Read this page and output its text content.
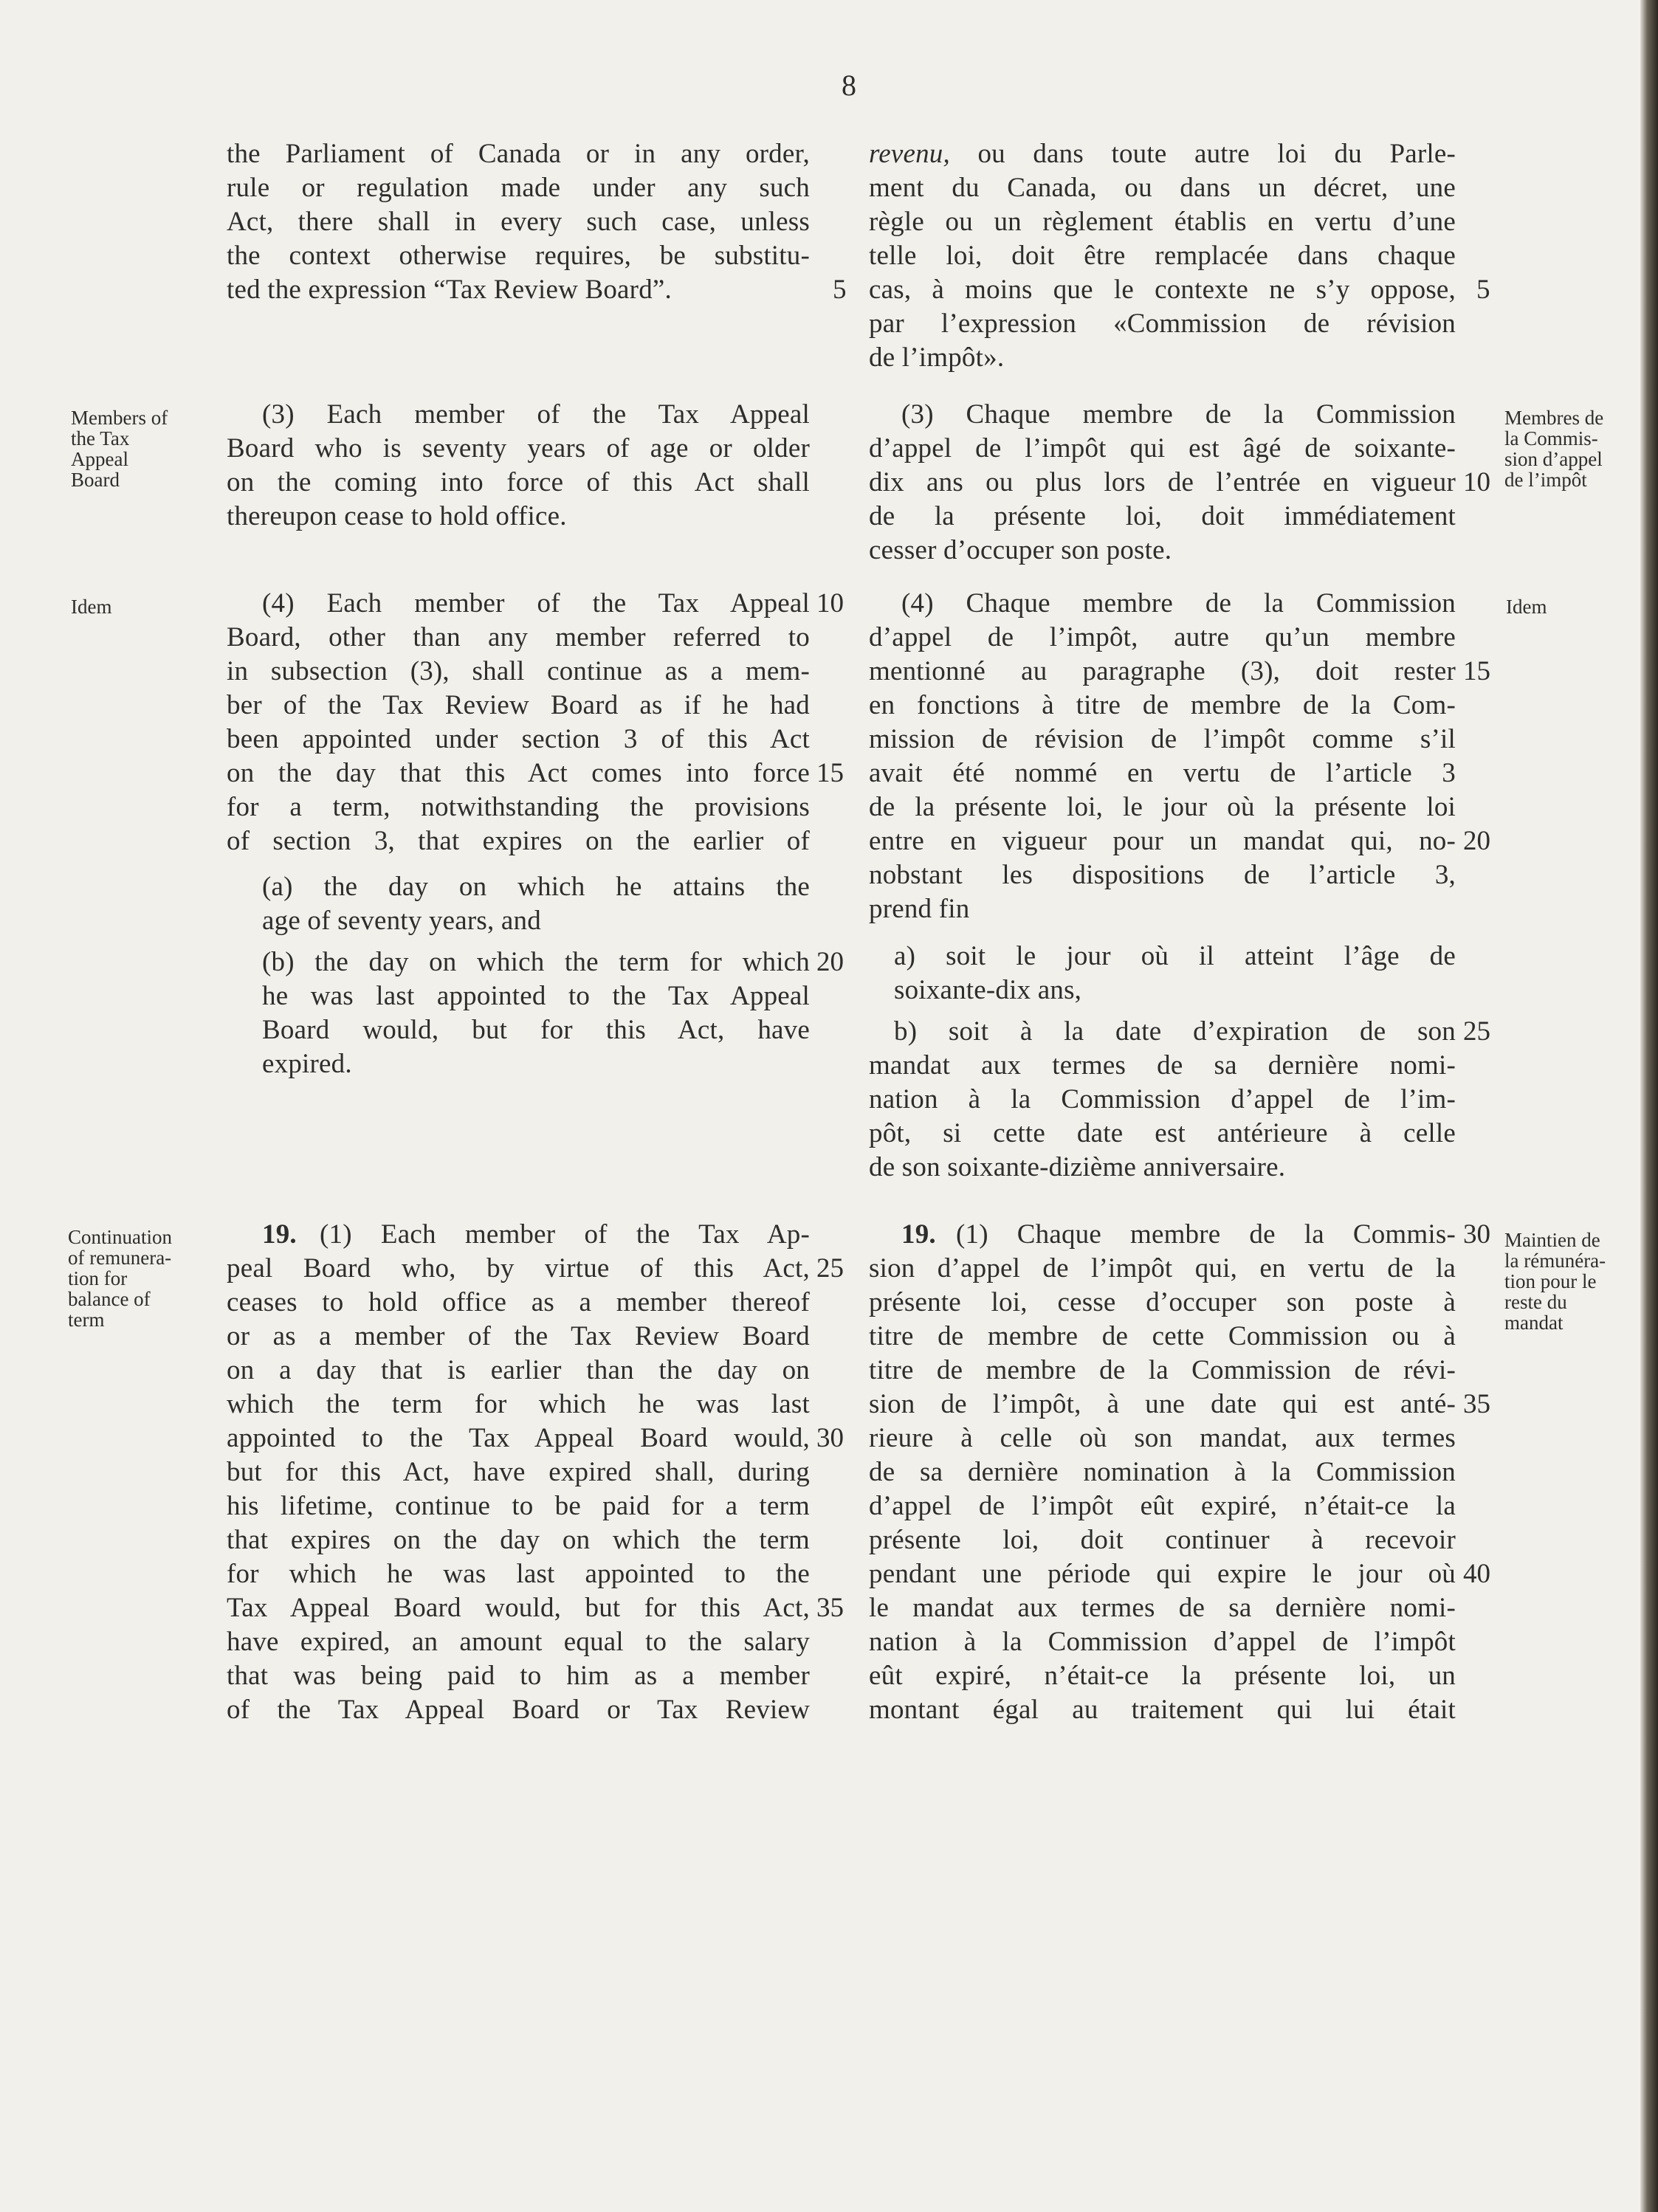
8
the Parliament of Canada or in any order,
rule or regulation made under any such
Act, there shall in every such case, unless
the context otherwise requires, be substitu-
ted the expression “Tax Review Board”.
(3) Each member of the Tax Appeal
Board who is seventy years of age or older
on the coming into force of this Act shall
thereupon cease to hold office.
(4) Each member of the Tax Appeal
Board, other than any member referred to
in subsection (3), shall continue as a mem-
ber of the Tax Review Board as if he had
been appointed under section 3 of this Act
on the day that this Act comes into force
for a term, notwithstanding the provisions
of section 3, that expires on the earlier of
(a) the day on which he attains the
age of seventy years, and
(b) the day on which the term for which
he was last appointed to the Tax Appeal
Board would, but for this Act, have
expired.
19. (1) Each member of the Tax Ap-
peal Board who, by virtue of this Act,
ceases to hold office as a member thereof
or as a member of the Tax Review Board
on a day that is earlier than the day on
which the term for which he was last
appointed to the Tax Appeal Board would,
but for this Act, have expired shall, during
his lifetime, continue to be paid for a term
that expires on the day on which the term
for which he was last appointed to the
Tax Appeal Board would, but for this Act,
have expired, an amount equal to the salary
that was being paid to him as a member
of the Tax Appeal Board or Tax Review
5
10
15
20
25
30
35
revenu, ou dans toute autre loi du Parle-
ment du Canada, ou dans un décret, une
règle ou un règlement établis en vertu d’une
telle loi, doit être remplacée dans chaque
cas, à moins que le contexte ne s’y oppose,
par l’expression «Commission de révision
de l’impôt».
(3) Chaque membre de la Commission
d’appel de l’impôt qui est âgé de soixante-
dix ans ou plus lors de l’entrée en vigueur
de la présente loi, doit immédiatement
cesser d’occuper son poste.
(4) Chaque membre de la Commission
d’appel de l’impôt, autre qu’un membre
mentionné au paragraphe (3), doit rester
en fonctions à titre de membre de la Com-
mission de révision de l’impôt comme s’il
avait été nommé en vertu de l’article 3
de la présente loi, le jour où la présente loi
entre en vigueur pour un mandat qui, no-
nobstant les dispositions de l’article 3,
prend fin
a) soit le jour où il atteint l’âge de
soixante-dix ans,
b) soit à la date d’expiration de son
mandat aux termes de sa dernière nomi-
nation à la Commission d’appel de l’im-
pôt, si cette date est antérieure à celle
de son soixante-dizième anniversaire.
19. (1) Chaque membre de la Commis-
sion d’appel de l’impôt qui, en vertu de la
présente loi, cesse d’occuper son poste à
titre de membre de cette Commission ou à
titre de membre de la Commission de révi-
sion de l’impôt, à une date qui est anté-
rieure à celle où son mandat, aux termes
de sa dernière nomination à la Commission
d’appel de l’impôt eût expiré, n’était-ce la
présente loi, doit continuer à recevoir
pendant une période qui expire le jour où
le mandat aux termes de sa dernière nomi-
nation à la Commission d’appel de l’impôt
eût expiré, n’était-ce la présente loi, un
montant égal au traitement qui lui était
5
10
15
20
25
30
35
40
Members of
the Tax
Appeal
Board
Idem
Continuation
of remunera-
tion for
balance of
term
Membres de
la Commis-
sion d’appel
de l’impôt
Idem
Maintien de
la rémunéra-
tion pour le
reste du
mandat
